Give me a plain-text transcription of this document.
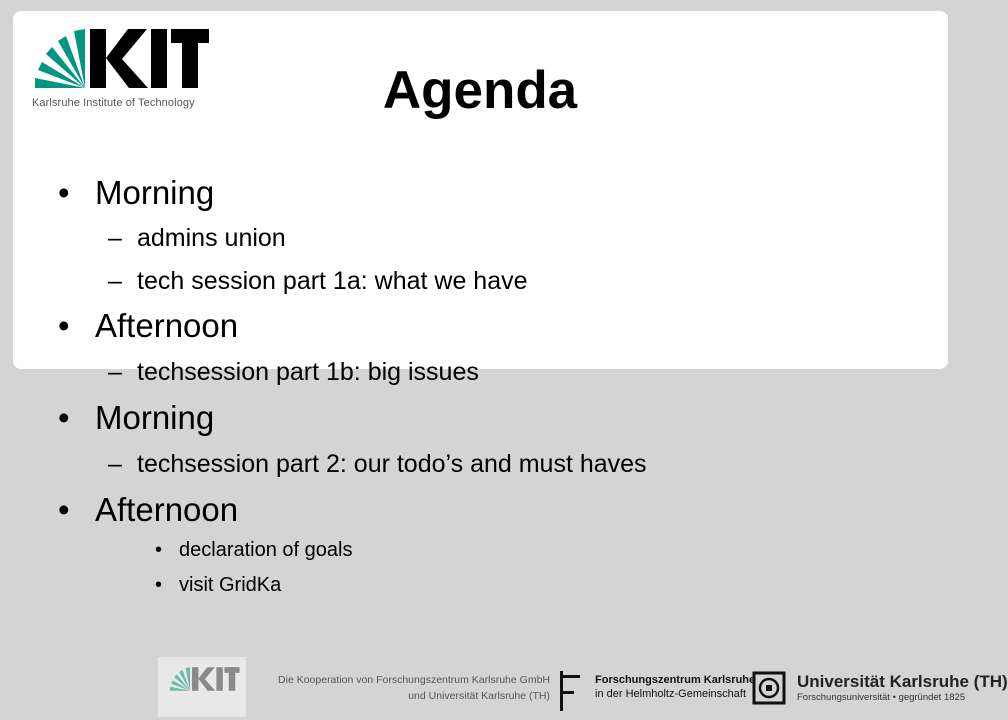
Karlsruhe Institute of Technology	Agenda
• Morning
– admins union
– tech session part 1a: what we have
• Afternoon
– techsession part 1b: big issues
• Morning
– techsession part 2: our todo’s and must haves
• Afternoon
• declaration of goals
• visit GridKa
Die Kooperation von Forschungszentrum Karlsruhe GmbH
und Universität Karlsruhe (TH)
Forschungszentrum Karlsruhe
in der Helmholtz-Gemeinschaft
Universität Karlsruhe (TH)
Forschungsuniversität • gegründet 1825
